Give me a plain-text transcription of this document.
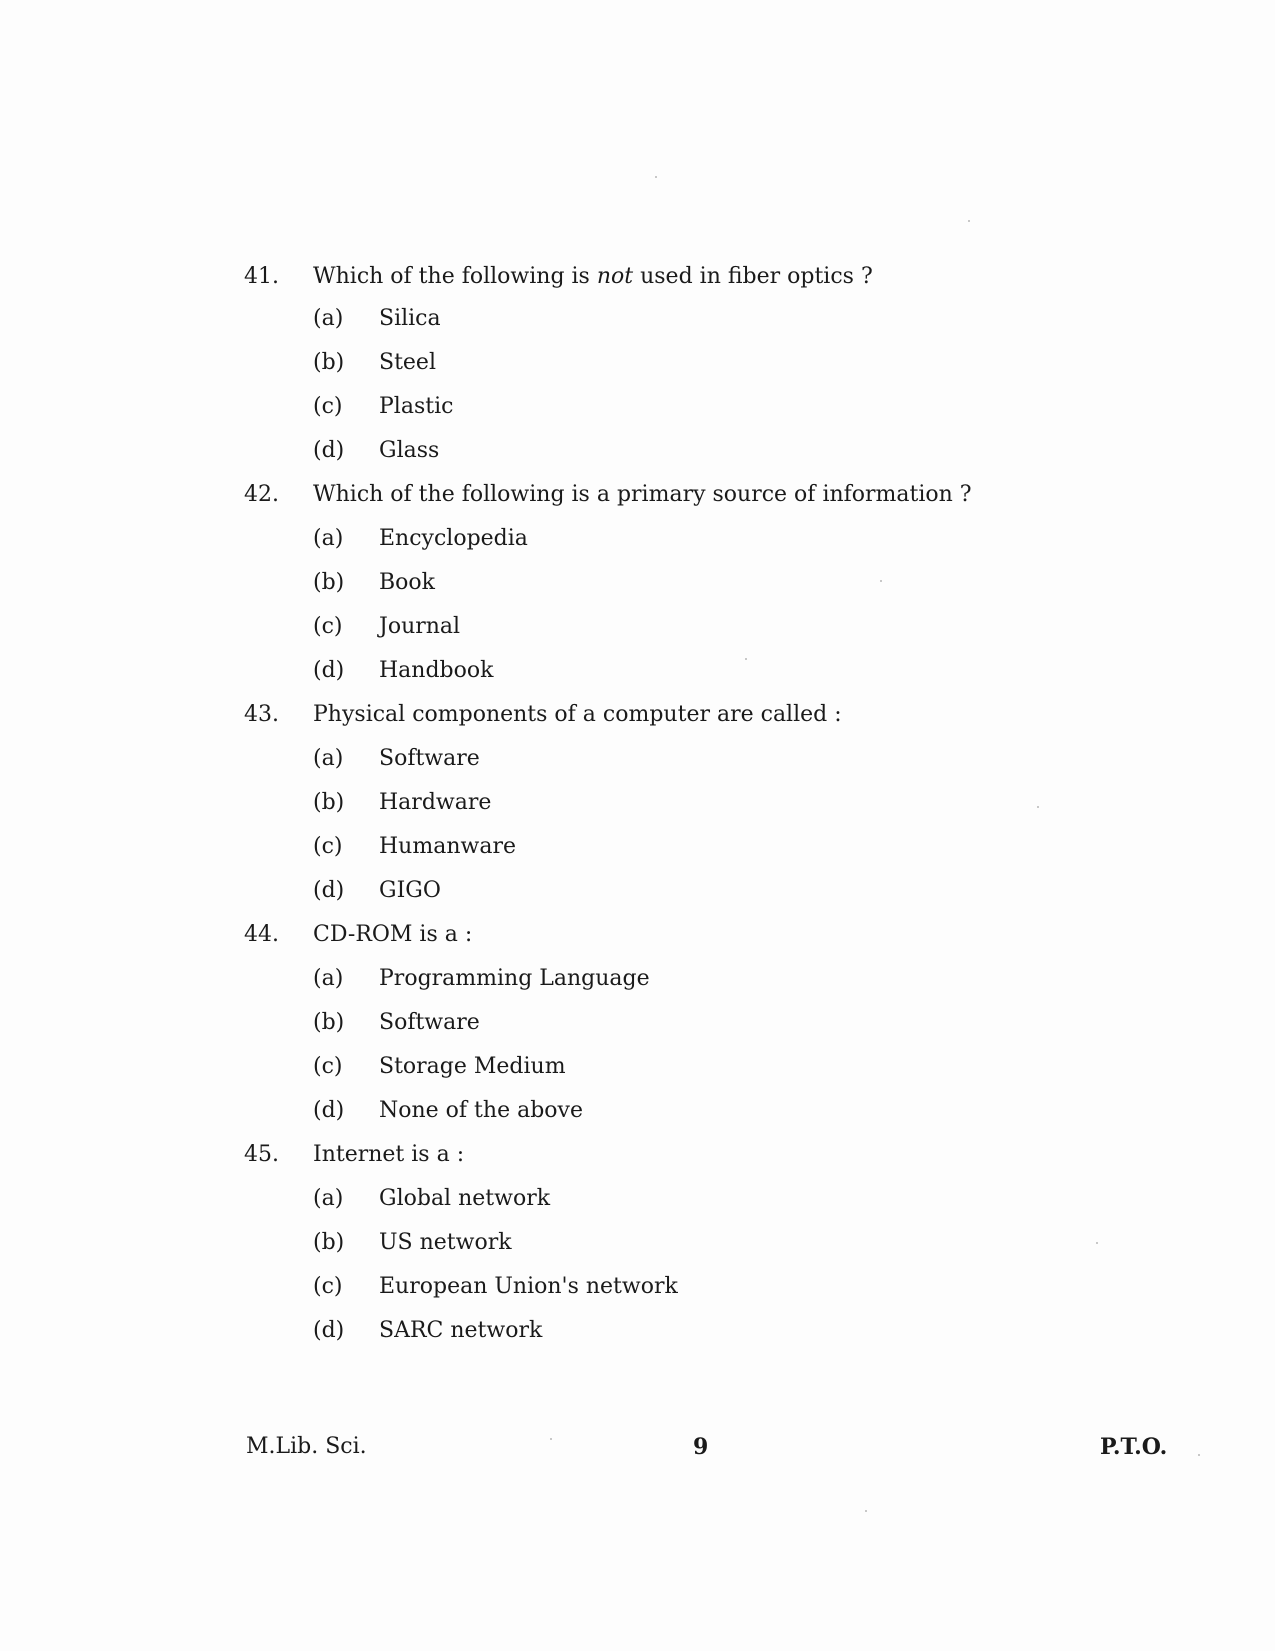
41. Which of the following is not used in fiber optics ?
(a) Silica
(b) Steel
(c) Plastic
(d) Glass
42. Which of the following is a primary source of information ?
(a) Encyclopedia
(b) Book
(c) Journal
(d) Handbook
43. Physical components of a computer are called :
(a) Software
(b) Hardware
(c) Humanware
(d) GIGO
44. CD-ROM is a :
(a) Programming Language
(b) Software
(c) Storage Medium
(d) None of the above
45. Internet is a :
(a) Global network
(b) US network
(c) European Union's network
(d) SARC network
M.Lib. Sci.	9	P.T.O.
